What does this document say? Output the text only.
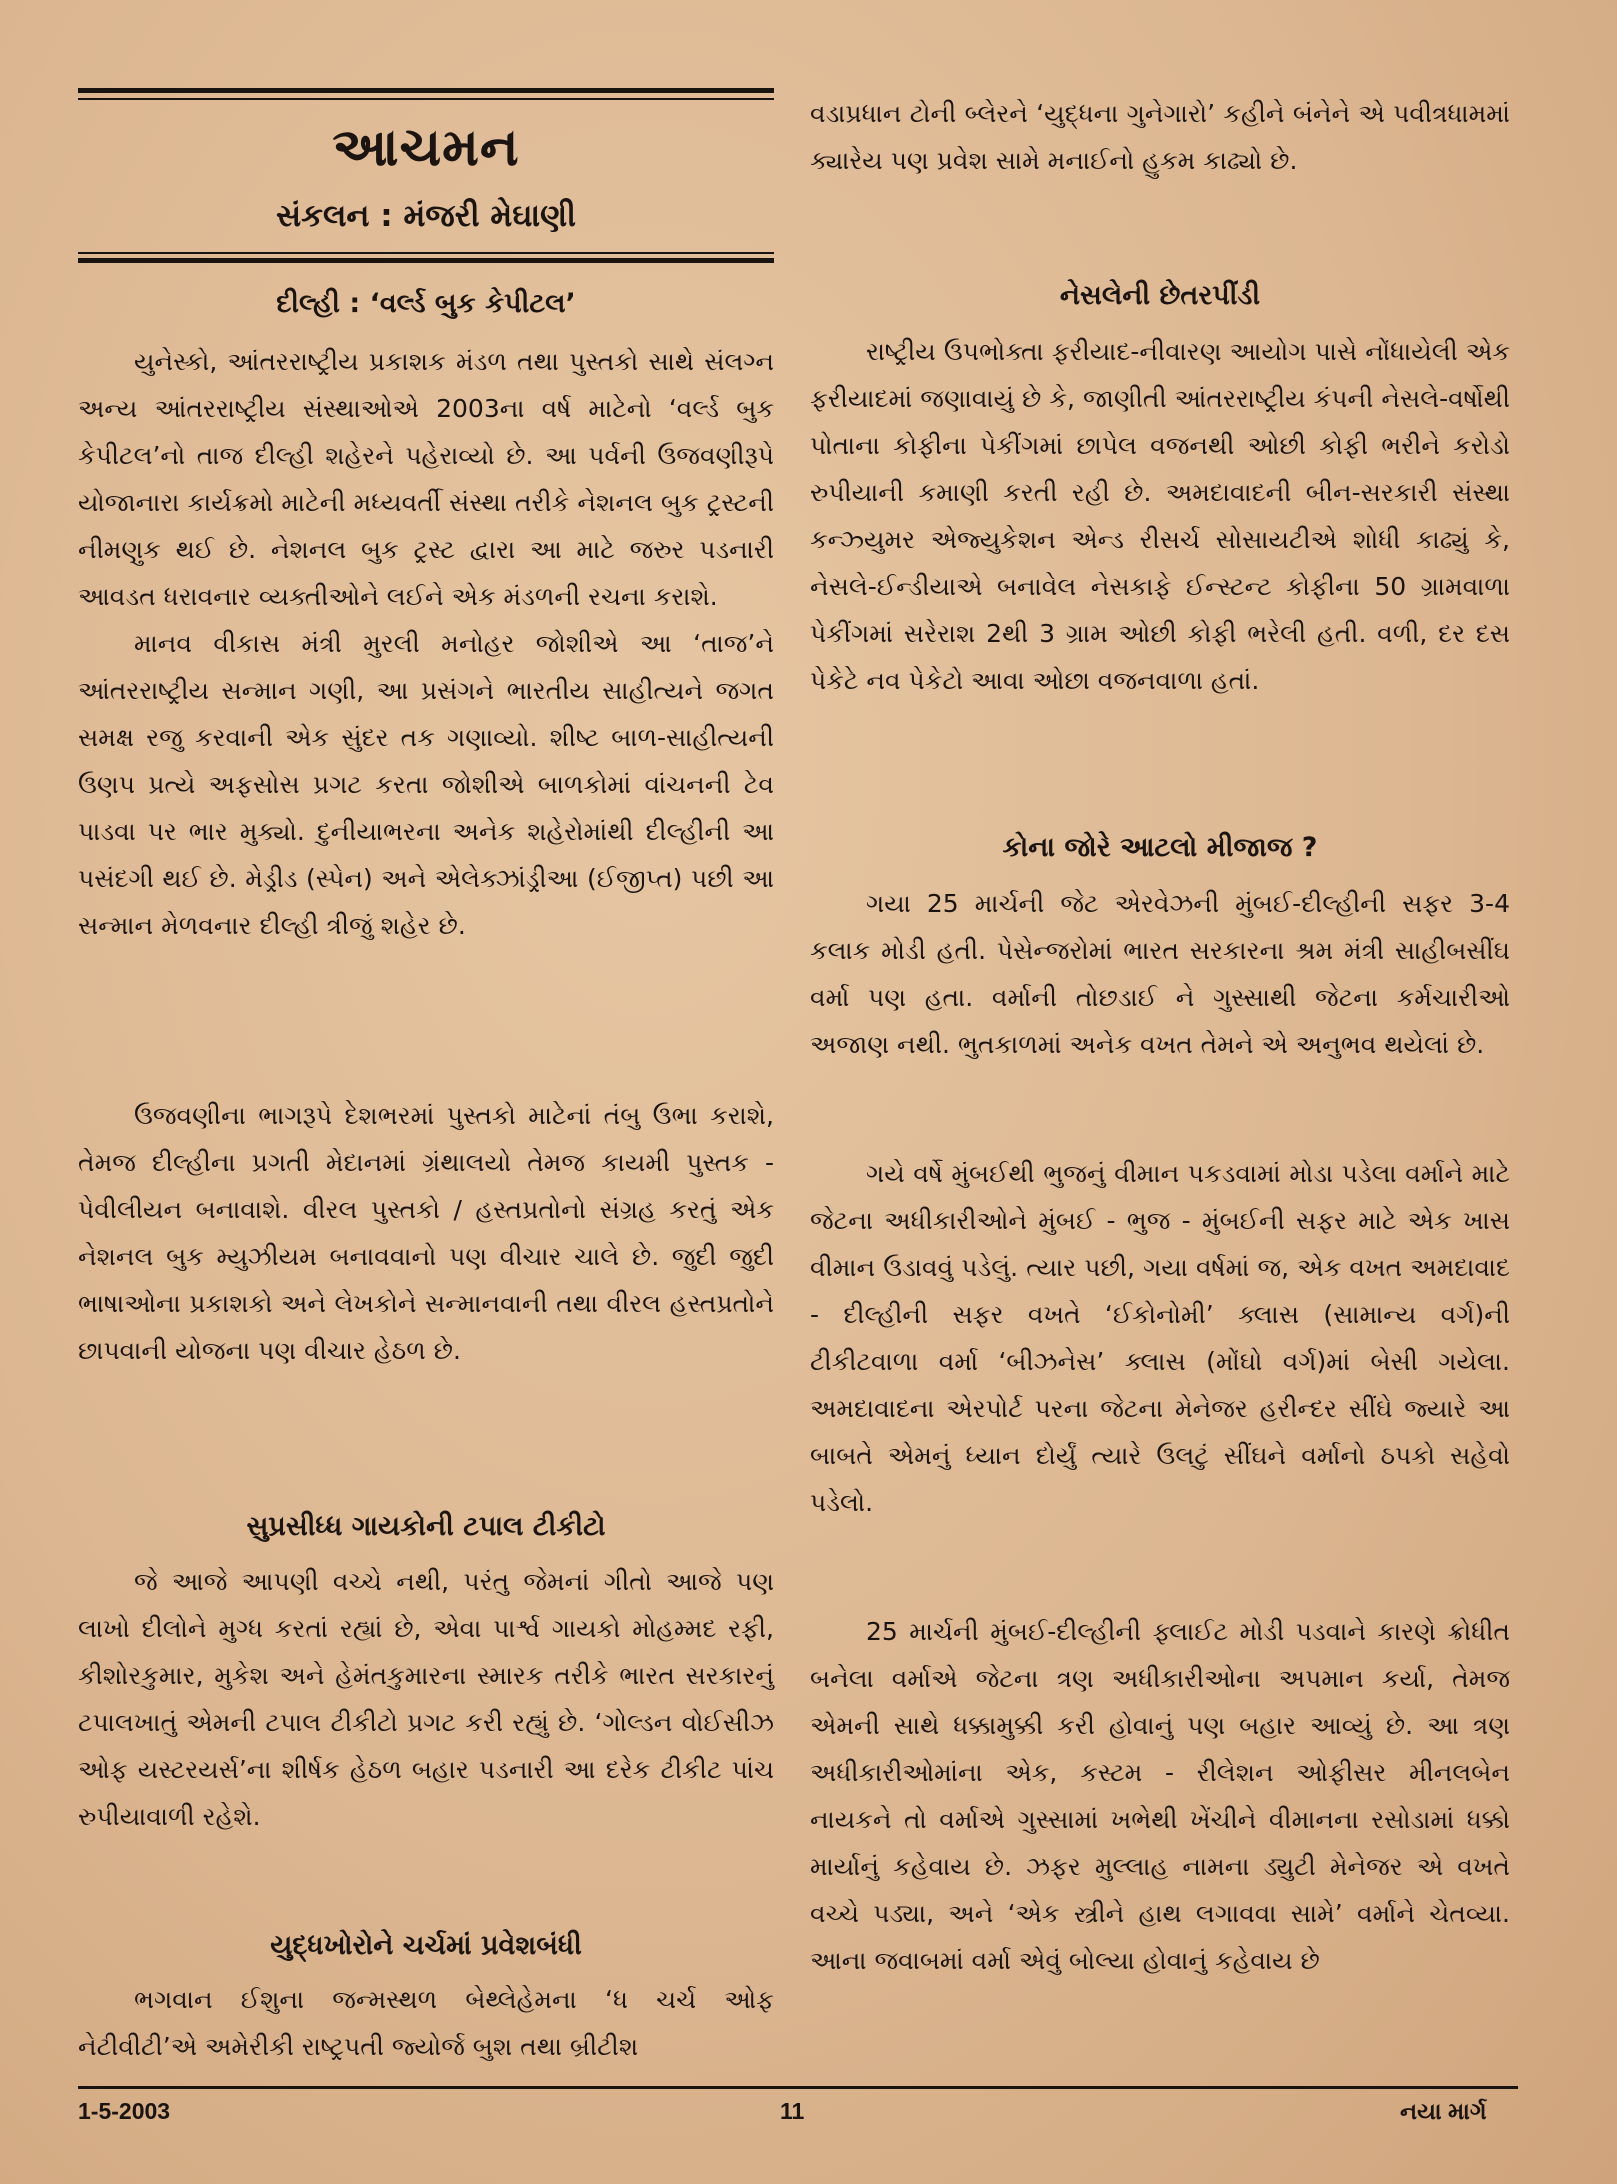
આચમન
સંકલન : મંજરી મેઘાણી
દીલ્હી : ‘વર્લ્ડ બુક કેપીટલ’

યુનેસ્કો, આંતરરાષ્ટ્રીય પ્રકાશક મંડળ તથા પુસ્તકો સાથે સંલગ્ન અન્ય આંતરરાષ્ટ્રીય સંસ્થાઓએ 2003ના વર્ષ માટેનો ‘વર્લ્ડ બુક કેપીટલ’નો તાજ દીલ્હી શહેરને પહેરાવ્યો છે. આ પર્વની ઉજવણીરૂપે યોજાનારા કાર્યક્રમો માટેની મધ્યવર્તી સંસ્થા તરીકે નેશનલ બુક ટ્રસ્ટની નીમણુક થઈ છે. નેશનલ બુક ટ્રસ્ટ દ્વારા આ માટે જરુર પડનારી આવડત ધરાવનાર વ્યક્તીઓને લઈને એક મંડળની રચના કરાશે.

માનવ વીકાસ મંત્રી મુરલી મનોહર જોશીએ આ ‘તાજ’ને આંતરરાષ્ટ્રીય સન્માન ગણી, આ પ્રસંગને ભારતીય સાહીત્યને જગત સમક્ષ રજુ કરવાની એક સુંદર તક ગણાવ્યો. શીષ્ટ બાળ-સાહીત્યની ઉણપ પ્રત્યે અફસોસ પ્રગટ કરતા જોશીએ બાળકોમાં વાંચનની ટેવ પાડવા પર ભાર મુક્યો. દુનીયાભરના અનેક શહેરોમાંથી દીલ્હીની આ પસંદગી થઈ છે. મેડ્રીડ (સ્પેન) અને એલેક્ઝાંડ્રીઆ (ઈજીપ્ત) પછી આ સન્માન મેળવનાર દીલ્હી ત્રીજું શહેર છે.

ઉજવણીના ભાગરૂપે દેશભરમાં પુસ્તકો માટેનાં તંબુ ઉભા કરાશે, તેમજ દીલ્હીના પ્રગતી મેદાનમાં ગ્રંથાલયો તેમજ કાયમી પુસ્તક - પેવીલીયન બનાવાશે. વીરલ પુસ્તકો / હસ્તપ્રતોનો સંગ્રહ કરતું એક નેશનલ બુક મ્યુઝીયમ બનાવવાનો પણ વીચાર ચાલે છે. જુદી જુદી ભાષાઓના પ્રકાશકો અને લેખકોને સન્માનવાની તથા વીરલ હસ્તપ્રતોને છાપવાની યોજના પણ વીચાર હેઠળ છે.

સુપ્રસીધ્ધ ગાયકોની ટપાલ ટીકીટો

જે આજે આપણી વચ્ચે નથી, પરંતુ જેમનાં ગીતો આજે પણ લાખો દીલોને મુગ્ધ કરતાં રહ્યાં છે, એવા પાર્શ્વ ગાયકો મોહમ્મદ રફી, કીશોરકુમાર, મુકેશ અને હેમંતકુમારના સ્મારક તરીકે ભારત સરકારનું ટપાલખાતું એમની ટપાલ ટીકીટો પ્રગટ કરી રહ્યું છે. ‘ગોલ્ડન વોઈસીઝ ઓફ યસ્ટરયર્સ’ના શીર્ષક હેઠળ બહાર પડનારી આ દરેક ટીકીટ પાંચ રુપીયાવાળી રહેશે.

યુદ્ધખોરોને ચર્ચમાં પ્રવેશબંધી

ભગવાન ઈશુના જન્મસ્થળ બેથ્લેહેમના ‘ધ ચર્ચ ઓફ નેટીવીટી’એ અમેરીકી રાષ્ટ્રપતી જ્યોર્જ બુશ તથા બ્રીટીશ

વડાપ્રધાન ટોની બ્લેરને ‘યુદ્ધના ગુનેગારો’ કહીને બંનેને એ પવીત્રધામમાં ક્યારેય પણ પ્રવેશ સામે મનાઈનો હુકમ કાઢ્યો છે.

નેસલેની છેતરપીંડી

રાષ્ટ્રીય ઉપભોક્તા ફરીયાદ-નીવારણ આયોગ પાસે નોંધાયેલી એક ફરીયાદમાં જણાવાયું છે કે, જાણીતી આંતરરાષ્ટ્રીય કંપની નેસલે-વર્ષોથી પોતાના કોફીના પેકીંગમાં છાપેલ વજનથી ઓછી કોફી ભરીને કરોડો રુપીયાની કમાણી કરતી રહી છે. અમદાવાદની બીન-સરકારી સંસ્થા કન્ઝ્યુમર એજ્યુકેશન એન્ડ રીસર્ચ સોસાયટીએ શોધી કાઢ્યું કે, નેસલે-ઈન્ડીયાએ બનાવેલ નેસકાફે ઈન્સ્ટન્ટ કોફીના 50 ગ્રામવાળા પેકીંગમાં સરેરાશ 2થી 3 ગ્રામ ઓછી કોફી ભરેલી હતી. વળી, દર દસ પેકેટે નવ પેકેટો આવા ઓછા વજનવાળા હતાં.

કોના જોરે આટલો મીજાજ ?

ગયા 25 માર્ચની જેટ એરવેઝની મુંબઈ-દીલ્હીની સફર 3-4 કલાક મોડી હતી. પેસેન્જરોમાં ભારત સરકારના શ્રમ મંત્રી સાહીબસીંઘ વર્મા પણ હતા. વર્માની તોછડાઈ ને ગુસ્સાથી જેટના કર્મચારીઓ અજાણ નથી. ભુતકાળમાં અનેક વખત તેમને એ અનુભવ થયેલાં છે.

ગયે વર્ષે મુંબઈથી ભુજનું વીમાન પકડવામાં મોડા પડેલા વર્માને માટે જેટના અધીકારીઓને મુંબઈ - ભુજ - મુંબઈની સફર માટે એક ખાસ વીમાન ઉડાવવું પડેલું. ત્યાર પછી, ગયા વર્ષમાં જ, એક વખત અમદાવાદ - દીલ્હીની સફર વખતે ‘ઈકોનોમી’ ક્લાસ (સામાન્ય વર્ગ)ની ટીકીટવાળા વર્મા ‘બીઝનેસ’ ક્લાસ (મોંઘો વર્ગ)માં બેસી ગયેલા. અમદાવાદના એરપોર્ટ પરના જેટના મેનેજર હરીન્દર સીંઘે જ્યારે આ બાબતે એમનું ધ્યાન દોર્યું ત્યારે ઉલટું સીંઘને વર્માનો ઠપકો સહેવો પડેલો.

25 માર્ચની મુંબઈ-દીલ્હીની ફ્લાઈટ મોડી પડવાને કારણે ક્રોધીત બનેલા વર્માએ જેટના ત્રણ અધીકારીઓના અપમાન કર્યા, તેમજ એમની સાથે ધક્કામુક્કી કરી હોવાનું પણ બહાર આવ્યું છે. આ ત્રણ અધીકારીઓમાંના એક, કસ્ટમ - રીલેશન ઓફીસર મીનલબેન નાયકને તો વર્માએ ગુસ્સામાં ખભેથી ખેંચીને વીમાનના રસોડામાં ધક્કો માર્યાનું કહેવાય છે. ઝફર મુલ્લાહ નામના ડ્યુટી મેનેજર એ વખતે વચ્ચે પડ્યા, અને ‘એક સ્ત્રીને હાથ લગાવવા સામે’ વર્માને ચેતવ્યા. આના જવાબમાં વર્મા એવું બોલ્યા હોવાનું કહેવાય છે

1-5-2003	11	નયા માર્ગ
